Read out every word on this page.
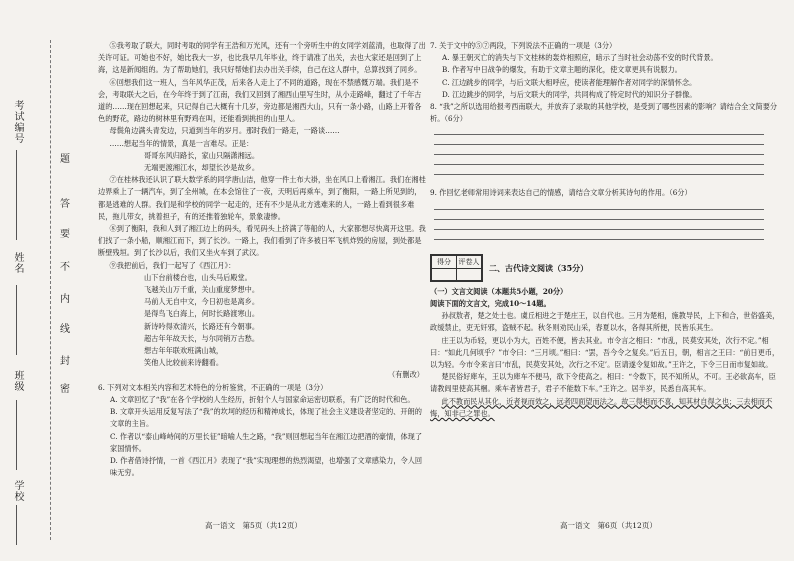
考试编号
姓名
班级
学校
题
答
要
不
内
线
封
密

⑤我考取了联大，同时考取的同学有王浩和万光风，还有一个旁听生中的女同学刘蓝清，也取得了出关许可证。可她也不好，她比我大一岁，也比我早几年毕业，终于请准了出关，去也大家还是回到了上海，这是新闻组的。为了帮助她们，我只好帮她们去办出关手续，自己在这人群中，总算找到了同乡。

⑥回想我们这一班人，当年风华正茂，后来各人走上了不同的道路，现在不禁感慨万端。我们是不会，考取联大之后，在今年终于到了江南，我们又回到了湘西山里写生时，从小走路峰，翻过了千年古道的……现在回想起来，只记得自己大概有十几岁，旁边都是湘西大山，只有一条小路，山路上开着各色的野花，路边的树林里有野鸡在叫，还能看到挑担的山里人。

母鬓角边满头青发边，只道到当年的岁月。那时我们一路走，一路谈……

……想起当年的情景，真是一言难尽。正是：

哥哥东风归路长，家山只隔潇湘远。

无端更渡湘江水，却望长沙是故乡。

⑦在桂林我还认识了联大数学系的同学唐山洁，他穿一件土布大褂，坐在风口上看湘江。我们在湘桂边界乘上了一辆汽车，到了全州城，在本会馆住了一夜，天明后再乘车，到了衡阳，一路上所见到的，都是逃难的人群。我们是和学校的同学一起走的，还有不少是从北方逃难来的人，一路上看到很多难民，拖儿带女，挑着担子，有的还推着独轮车，景象凄惨。

⑧到了衡阳，我和人到了湘江边上的码头，看见码头上挤满了等船的人，大家都想尽快离开这里。我们找了一条小船，顺湘江而下，到了长沙。一路上，我们看到了许多被日军飞机炸毁的房屋，到处都是断壁残垣。到了长沙以后，我们又坐火车到了武汉。

⑨我把前后，我们一起写了《西江月》：

山下台前楼台也，山头马后殿堂。

飞越关山万千重，关山重度梦想中。

马前人无自中文，今日初也是离乡。

是得鸟飞白海上，何时长路渡寒山。

新诗吟得欢清兴，长路还有今朝事。

超古年年故天长，与尔同销万古愁。

想古年年联欢班满山城，

笑他人比较前来诗翻看。

（有删改）

6. 下列对文本相关内容和艺术特色的分析鉴赏，不正确的一项是（3分）

A. 文章回忆了“我”在各个学校的人生经历，折射个人与国家命运密切联系，有广泛的时代和色。

B. 文章开头运用反复写法了“我”的坎坷的经历和精神成长，体现了社会主义建设者坚定的、开朗的文章的主旨。

C. 作者以“泰山峰峙间的万里长征”暗喻人生之路，“我”则回想起当年在湘江边把酒的豪情，体现了家国情怀。

D. 作者借诗抒情，一首《西江月》表现了“我”实现理想的热烈渴望，也增强了文章感染力，令人回味无穷。

高一语文　第5页（共12页）

7. 关于文中的⑤⑦两段，下列说法不正确的一项是（3分）

A. 暴王朝灭亡的消失与下文桂林的轰炸相照应，暗示了当时社会动荡不安的时代背景。

B. 作者写中日战争的爆发，有助于文章主题的深化，使文章更具有说服力。

C. 江边跳步的同学，与后文联大相呼应，使读者能理解作者对同学的深情怀念。

D. 江边跳步的同学，与后文联大的同学，共同构成了特定时代的知识分子群像。

8. “我”之所以选用给报考西南联大，并放弃了录取的其他学校，是受到了哪些因素的影响？请结合全文简要分析。（6分）

9. 作回忆老师常用诗词来表达自己的情感，请结合文章分析其诗句的作用。（6分）

得分	评卷人

二、古代诗文阅读（35分）

（一）文言文阅读（本题共5小题，20分）

阅读下面的文言文，完成10～14题。

孙叔敖者，楚之处士也。虞丘相进之于楚庄王，以自代也。三月为楚相，施教导民，上下和合，世俗盛美，政缓禁止，吏无奸邪，盗贼不起。秋冬则劝民山采，春夏以水，各得其所便，民皆乐其生。

庄王以为币轻，更以小为大，百姓不便，皆去其业。市令言之相曰：“市乱，民莫安其处，次行不定。”相曰：“如此几何顷乎？”市令曰：“三月顷。”相曰：“罢，吾今令之复矣。”后五日，朝，相言之王曰：“前日更币，以为轻。今市令来言曰‘市乱，民莫安其处，次行之不定’。臣请遂令复如故。”王许之，下令三日而市复如故。

楚民俗好庳车，王以为庳车不便马，欲下令使高之。相曰：“令数下，民不知所从，不可。王必欲高车，臣请教闾里使高其梱。乘车者皆君子，君子不能数下车。”王许之。居半岁，民悉自高其车。

此不教而民从其化，近者视而效之，远者四面望而法之。故三得相而不喜，知其材自得之也；三去相而不悔，知非己之罪也。

高一语文　第6页（共12页）
